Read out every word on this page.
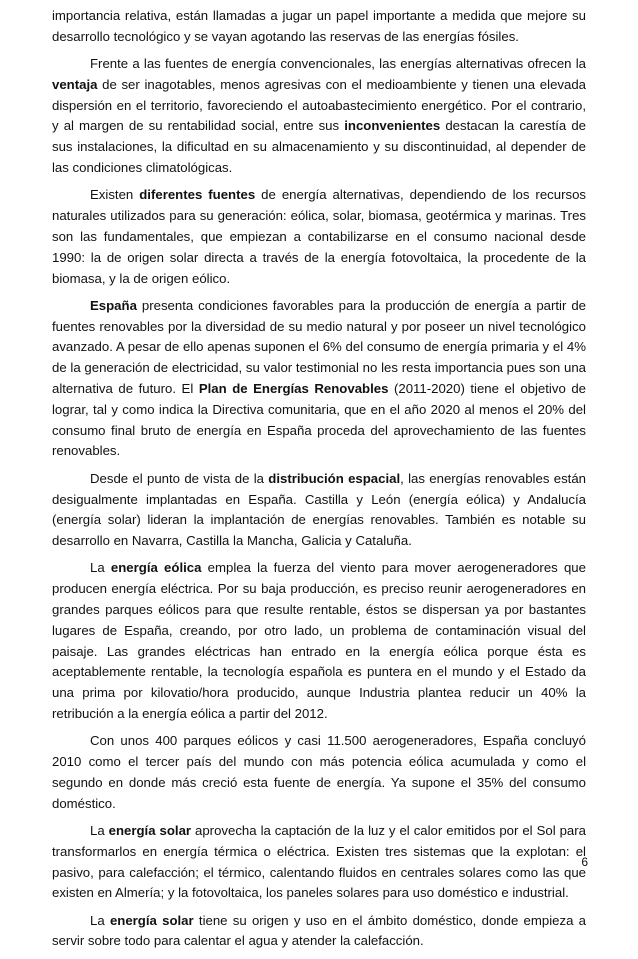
importancia relativa, están llamadas a jugar un papel importante a medida que mejore su desarrollo tecnológico y se vayan agotando las reservas de las energías fósiles.

Frente a las fuentes de energía convencionales, las energías alternativas ofrecen la ventaja de ser inagotables, menos agresivas con el medioambiente y tienen una elevada dispersión en el territorio, favoreciendo el autoabastecimiento energético. Por el contrario, y al margen de su rentabilidad social, entre sus inconvenientes destacan la carestía de sus instalaciones, la dificultad en su almacenamiento y su discontinuidad, al depender de las condiciones climatológicas.

Existen diferentes fuentes de energía alternativas, dependiendo de los recursos naturales utilizados para su generación: eólica, solar, biomasa, geotérmica y marinas. Tres son las fundamentales, que empiezan a contabilizarse en el consumo nacional desde 1990: la de origen solar directa a través de la energía fotovoltaica, la procedente de la biomasa, y la de origen eólico.

España presenta condiciones favorables para la producción de energía a partir de fuentes renovables por la diversidad de su medio natural y por poseer un nivel tecnológico avanzado. A pesar de ello apenas suponen el 6% del consumo de energía primaria y el 4% de la generación de electricidad, su valor testimonial no les resta importancia pues son una alternativa de futuro. El Plan de Energías Renovables (2011-2020) tiene el objetivo de lograr, tal y como indica la Directiva comunitaria, que en el año 2020 al menos el 20% del consumo final bruto de energía en España proceda del aprovechamiento de las fuentes renovables.

Desde el punto de vista de la distribución espacial, las energías renovables están desigualmente implantadas en España. Castilla y León (energía eólica) y Andalucía (energía solar) lideran la implantación de energías renovables. También es notable su desarrollo en Navarra, Castilla la Mancha, Galicia y Cataluña.

La energía eólica emplea la fuerza del viento para mover aerogeneradores que producen energía eléctrica. Por su baja producción, es preciso reunir aerogeneradores en grandes parques eólicos para que resulte rentable, éstos se dispersan ya por bastantes lugares de España, creando, por otro lado, un problema de contaminación visual del paisaje. Las grandes eléctricas han entrado en la energía eólica porque ésta es aceptablemente rentable, la tecnología española es puntera en el mundo y el Estado da una prima por kilovatio/hora producido, aunque Industria plantea reducir un 40% la retribución a la energía eólica a partir del 2012.

Con unos 400 parques eólicos y casi 11.500 aerogeneradores, España concluyó 2010 como el tercer país del mundo con más potencia eólica acumulada y como el segundo en donde más creció esta fuente de energía. Ya supone el 35% del consumo doméstico.

La energía solar aprovecha la captación de la luz y el calor emitidos por el Sol para transformarlos en energía térmica o eléctrica. Existen tres sistemas que la explotan: el pasivo, para calefacción; el térmico, calentando fluidos en centrales solares como las que existen en Almería; y la fotovoltaica, los paneles solares para uso doméstico e industrial.

La energía solar tiene su origen y uso en el ámbito doméstico, donde empieza a servir sobre todo para calentar el agua y atender la calefacción.

6
